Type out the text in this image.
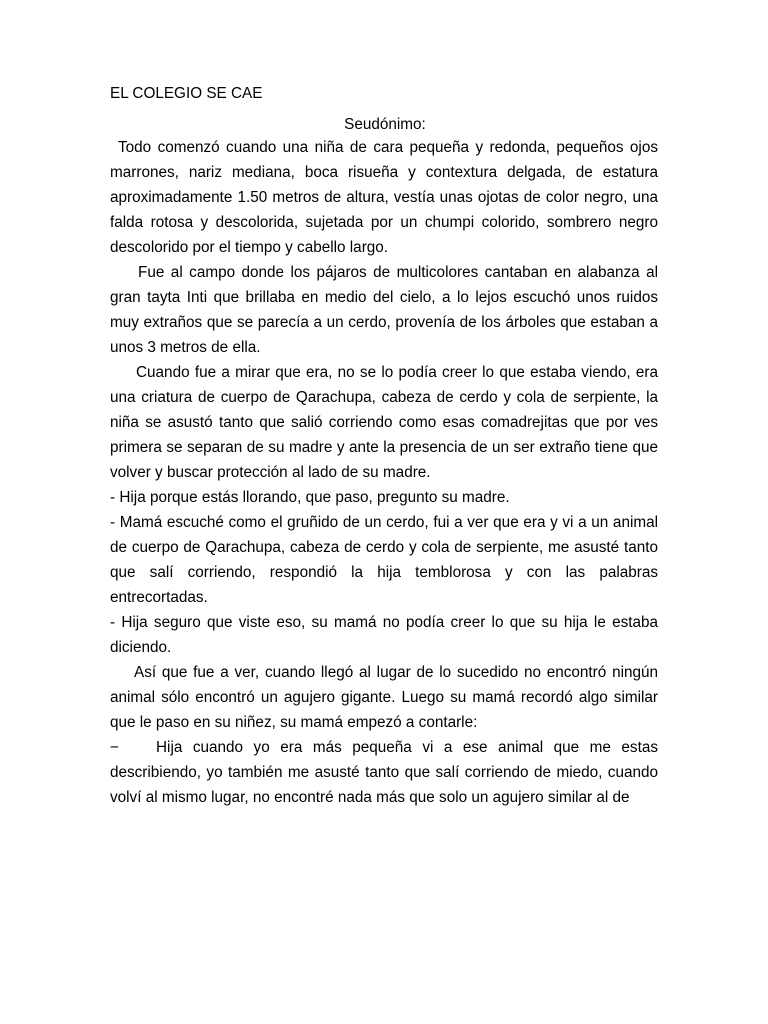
EL COLEGIO SE CAE
Seudónimo:

Todo comenzó cuando una niña de cara pequeña y redonda, pequeños ojos marrones, nariz mediana, boca risueña y contextura delgada, de estatura aproximadamente 1.50 metros de altura, vestía unas ojotas de color negro, una falda rotosa y descolorida, sujetada por un chumpi colorido, sombrero negro descolorido por el tiempo y cabello largo.

Fue al campo donde los pájaros de multicolores cantaban en alabanza al gran tayta Inti que brillaba en medio del cielo, a lo lejos escuchó unos ruidos muy extraños que se parecía a un cerdo, provenía de los árboles que estaban a unos 3 metros de ella.

Cuando fue a mirar que era, no se lo podía creer lo que estaba viendo, era una criatura de cuerpo de Qarachupa, cabeza de cerdo y cola de serpiente, la niña se asustó tanto que salió corriendo como esas comadrejitas que por ves primera se separan de su madre y ante la presencia de un ser extraño tiene que volver y buscar protección al lado de su madre.

- Hija porque estás llorando, que paso, pregunto su madre.

- Mamá escuché como el gruñido de un cerdo, fui a ver que era y vi a un animal de cuerpo de Qarachupa, cabeza de cerdo y cola de serpiente, me asusté tanto que salí corriendo, respondió la hija temblorosa y con las palabras entrecortadas.

- Hija seguro que viste eso, su mamá no podía creer lo que su hija le estaba diciendo.

Así que fue a ver, cuando llegó al lugar de lo sucedido no encontró ningún animal sólo encontró un agujero gigante. Luego su mamá recordó algo similar que le paso en su niñez, su mamá empezó a contarle:

− Hija cuando yo era más pequeña vi a ese animal que me estas describiendo, yo también me asusté tanto que salí corriendo de miedo, cuando volví al mismo lugar, no encontré nada más que solo un agujero similar al de
